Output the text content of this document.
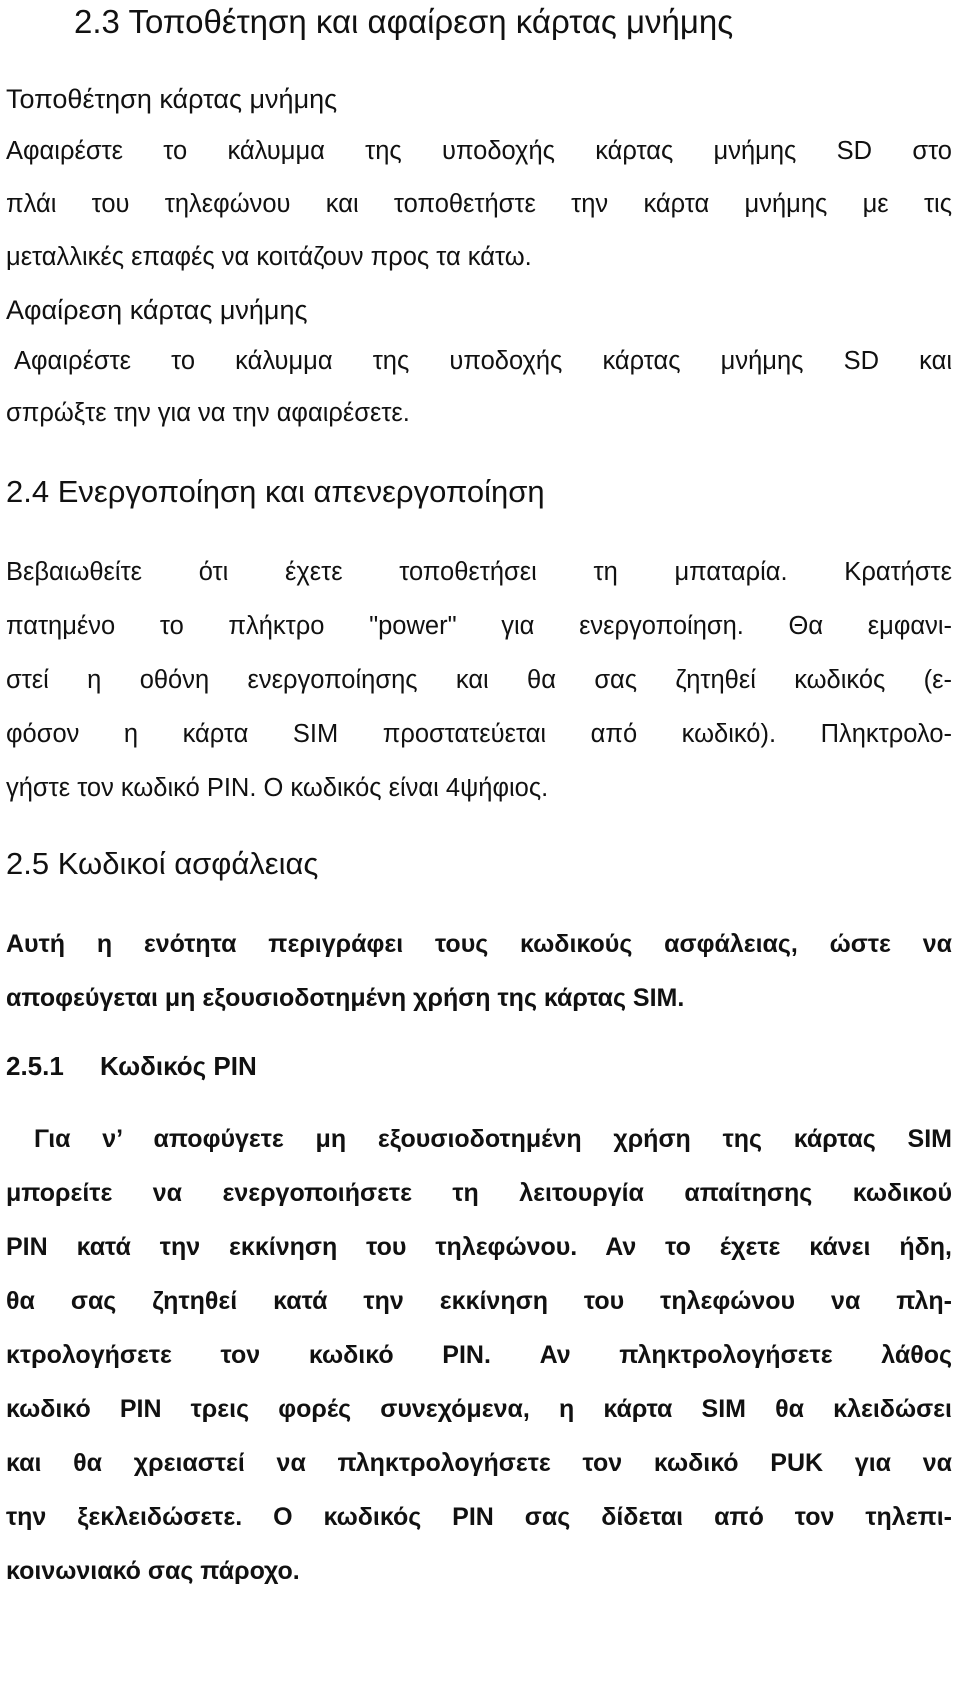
2.3 Τοποθέτηση και αφαίρεση κάρτας μνήμης

Τοποθέτηση κάρτας μνήμης

Αφαιρέστε το κάλυμμα της υποδοχής κάρτας μνήμης SD στο

πλάι του τηλεφώνου και τοποθετήστε την κάρτα μνήμης με τις

μεταλλικές επαφές να κοιτάζουν προς τα κάτω.

Αφαίρεση κάρτας μνήμης

Αφαιρέστε το κάλυμμα της υποδοχής κάρτας μνήμης SD και

σπρώξτε την για να την αφαιρέσετε.

2.4 Ενεργοποίηση και απενεργοποίηση

Βεβαιωθείτε ότι έχετε τοποθετήσει τη μπαταρία. Κρατήστε

πατημένο το πλήκτρο "power" για ενεργοποίηση. Θα εμφανι-

στεί η οθόνη ενεργοποίησης και θα σας ζητηθεί κωδικός (ε-

φόσον η κάρτα SIM προστατεύεται από κωδικό). Πληκτρολο-

γήστε τον κωδικό PIN. Ο κωδικός είναι 4ψήφιος.

2.5 Κωδικοί ασφάλειας

Αυτή η ενότητα περιγράφει τους κωδικούς ασφάλειας, ώστε να

αποφεύγεται μη εξουσιοδοτημένη χρήση της κάρτας SIM.

2.5.1 Κωδικός PIN

Για ν’ αποφύγετε μη εξουσιοδοτημένη χρήση της κάρτας SIM

μπορείτε να ενεργοποιήσετε τη λειτουργία απαίτησης κωδικού

PIN κατά την εκκίνηση του τηλεφώνου. Αν το έχετε κάνει ήδη,

θα σας ζητηθεί κατά την εκκίνηση του τηλεφώνου να πλη-

κτρολογήσετε τον κωδικό PIN. Αν πληκτρολογήσετε λάθος

κωδικό PIN τρεις φορές συνεχόμενα, η κάρτα SIM θα κλειδώσει

και θα χρειαστεί να πληκτρολογήσετε τον κωδικό PUK για να

την ξεκλειδώσετε. Ο κωδικός PIN σας δίδεται από τον τηλεπι-

κοινωνιακό σας πάροχο.
